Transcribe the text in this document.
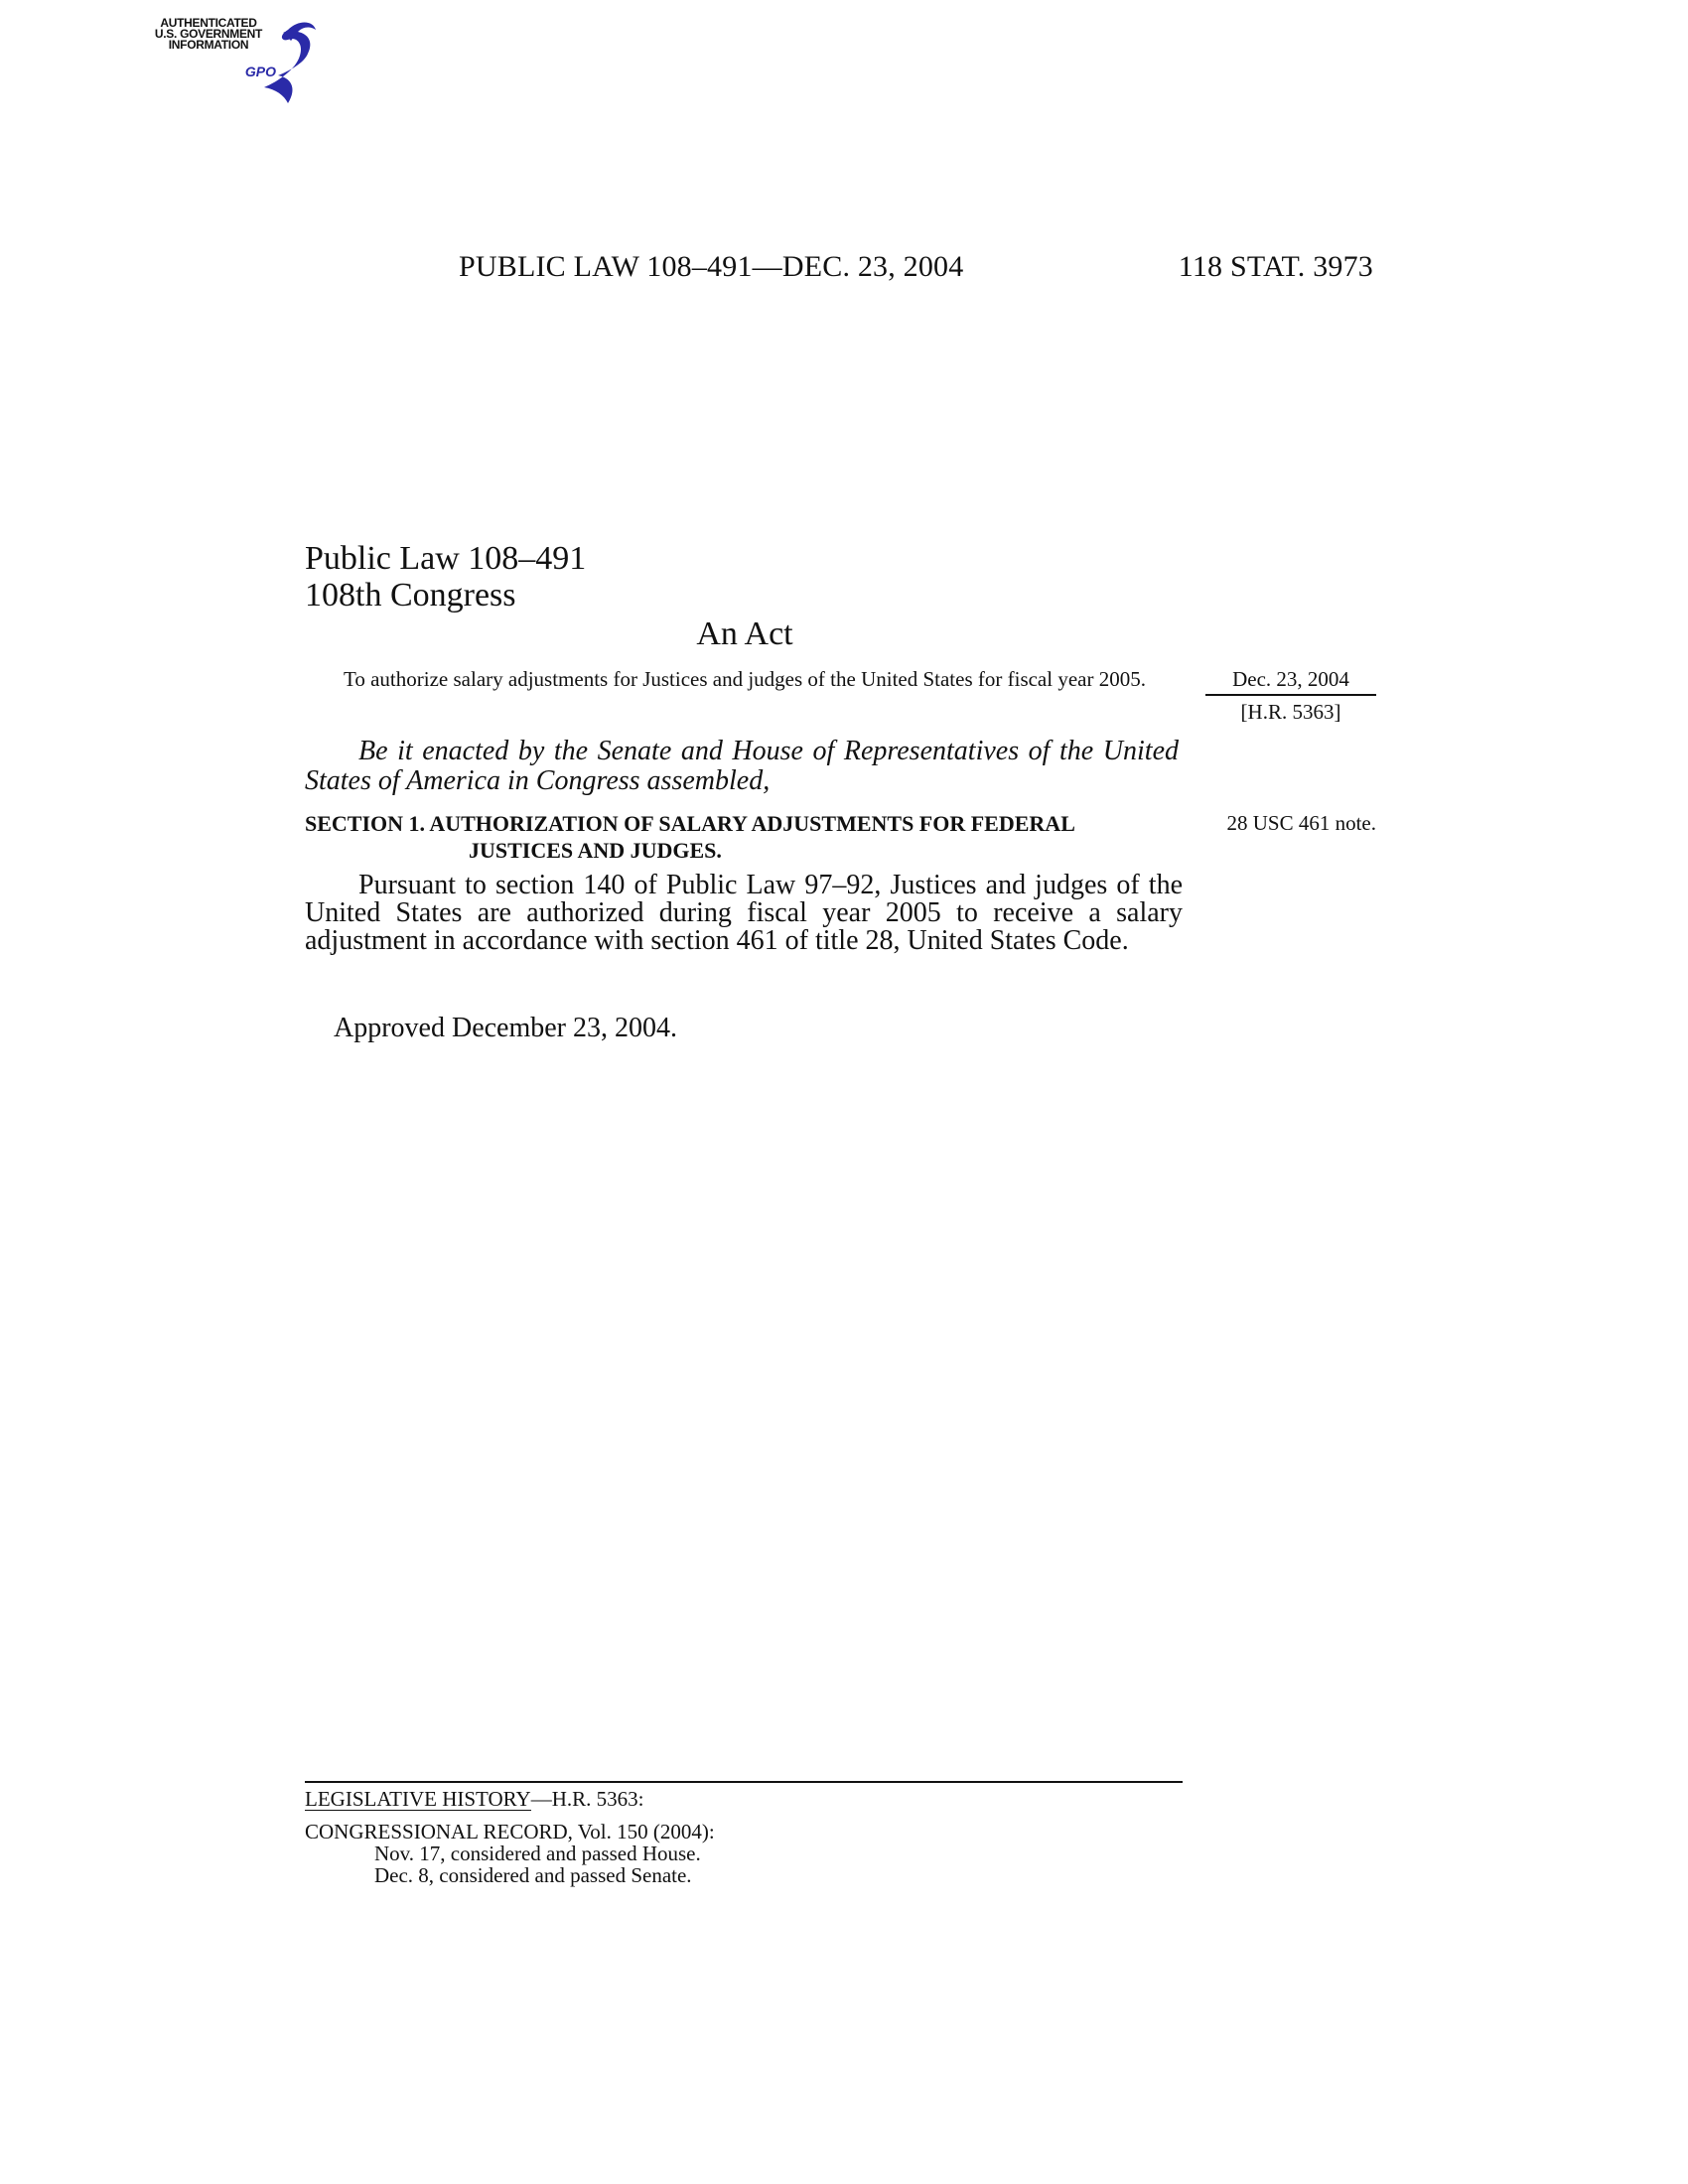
AUTHENTICATED
U.S. GOVERNMENT
INFORMATION
GPO
PUBLIC LAW 108–491—DEC. 23, 2004	118 STAT. 3973
Public Law 108–491
108th Congress
An Act
To authorize salary adjustments for Justices and judges of the United States for fiscal year 2005.	Dec. 23, 2004
[H.R. 5363]
Be it enacted by the Senate and House of Representatives of the United States of America in Congress assembled,
SECTION 1. AUTHORIZATION OF SALARY ADJUSTMENTS FOR FEDERAL
JUSTICES AND JUDGES.
28 USC 461 note.
Pursuant to section 140 of Public Law 97–92, Justices and judges of the United States are authorized during fiscal year 2005 to receive a salary adjustment in accordance with section 461 of title 28, United States Code.
Approved December 23, 2004.
LEGISLATIVE HISTORY—H.R. 5363:
CONGRESSIONAL RECORD, Vol. 150 (2004):
Nov. 17, considered and passed House.
Dec. 8, considered and passed Senate.
